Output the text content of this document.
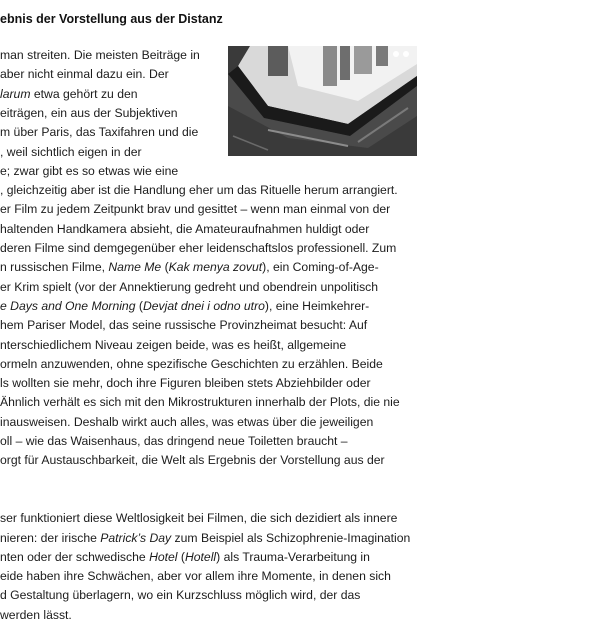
ebnis der Vorstellung aus der Distanz

man streiten. Die meisten Beiträge in

aber nicht einmal dazu ein. Der

larum etwa gehört zu den

eiträgen, ein aus der Subjektiven

m über Paris, das Taxifahren und die

, weil sichtlich eigen in der

e; zwar gibt es so etwas wie eine

, gleichzeitig aber ist die Handlung eher um das Rituelle herum arrangiert.

er Film zu jedem Zeitpunkt brav und gesittet – wenn man einmal von der

haltenden Handkamera absieht, die Amateuraufnahmen huldigt oder

deren Filme sind demgegenüber eher leidenschaftslos professionell. Zum

n russischen Filme, Name Me (Kak menya zovut), ein Coming-of-Age-

er Krim spielt (vor der Annektierung gedreht und obendrein unpolitisch

e Days and One Morning (Devjat dnei i odno utro), eine Heimkehrer-

hem Pariser Model, das seine russische Provinzheimat besucht: Auf

nterschiedlichem Niveau zeigen beide, was es heißt, allgemeine

ormeln anzuwenden, ohne spezifische Geschichten zu erzählen. Beide

ls wollten sie mehr, doch ihre Figuren bleiben stets Abziehbilder oder

Ähnlich verhält es sich mit den Mikrostrukturen innerhalb der Plots, die nie

inausweisen. Deshalb wirkt auch alles, was etwas über die jeweiligen

oll – wie das Waisenhaus, das dringend neue Toiletten braucht –

orgt für Austauschbarkeit, die Welt als Ergebnis der Vorstellung aus der

ser funktioniert diese Weltlosigkeit bei Filmen, die sich dezidiert als innere

nieren: der irische Patrick’s Day zum Beispiel als Schizophrenie-Imagination

nten oder der schwedische Hotel (Hotell) als Trauma-Verarbeitung in

eide haben ihre Schwächen, aber vor allem ihre Momente, in denen sich

d Gestaltung überlagern, wo ein Kurzschluss möglich wird, der das

werden lässt.
